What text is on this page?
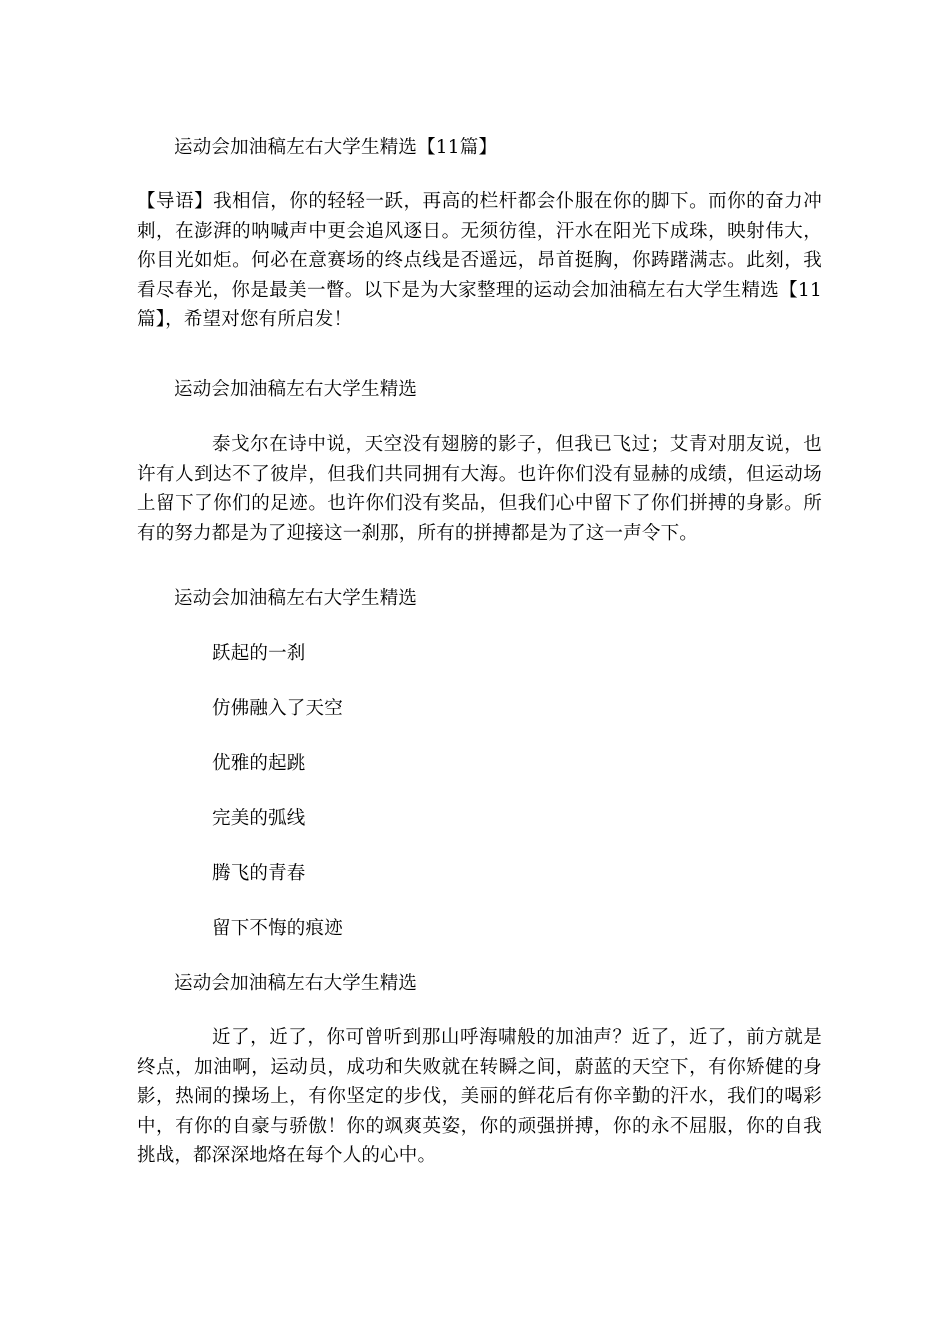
运动会加油稿左右大学生精选【11篇】
【导语】我相信，你的轻轻一跃，再高的栏杆都会仆服在你的脚下。而你的奋力冲刺，在澎湃的呐喊声中更会追风逐日。无须彷徨，汗水在阳光下成珠，映射伟大，你目光如炬。何必在意赛场的终点线是否遥远，昂首挺胸，你踌躇满志。此刻，我看尽春光，你是最美一瞥。以下是为大家整理的运动会加油稿左右大学生精选【11篇】，希望对您有所启发！
运动会加油稿左右大学生精选
泰戈尔在诗中说，天空没有翅膀的影子，但我已飞过；艾青对朋友说，也许有人到达不了彼岸，但我们共同拥有大海。也许你们没有显赫的成绩，但运动场上留下了你们的足迹。也许你们没有奖品，但我们心中留下了你们拼搏的身影。所有的努力都是为了迎接这一刹那，所有的拼搏都是为了这一声令下。
运动会加油稿左右大学生精选
跃起的一刹
仿佛融入了天空
优雅的起跳
完美的弧线
腾飞的青春
留下不悔的痕迹
运动会加油稿左右大学生精选
近了，近了，你可曾听到那山呼海啸般的加油声？近了，近了，前方就是终点，加油啊，运动员，成功和失败就在转瞬之间，蔚蓝的天空下，有你矫健的身影，热闹的操场上，有你坚定的步伐，美丽的鲜花后有你辛勤的汗水，我们的喝彩中，有你的自豪与骄傲！你的飒爽英姿，你的顽强拼搏，你的永不屈服，你的自我挑战，都深深地烙在每个人的心中。
